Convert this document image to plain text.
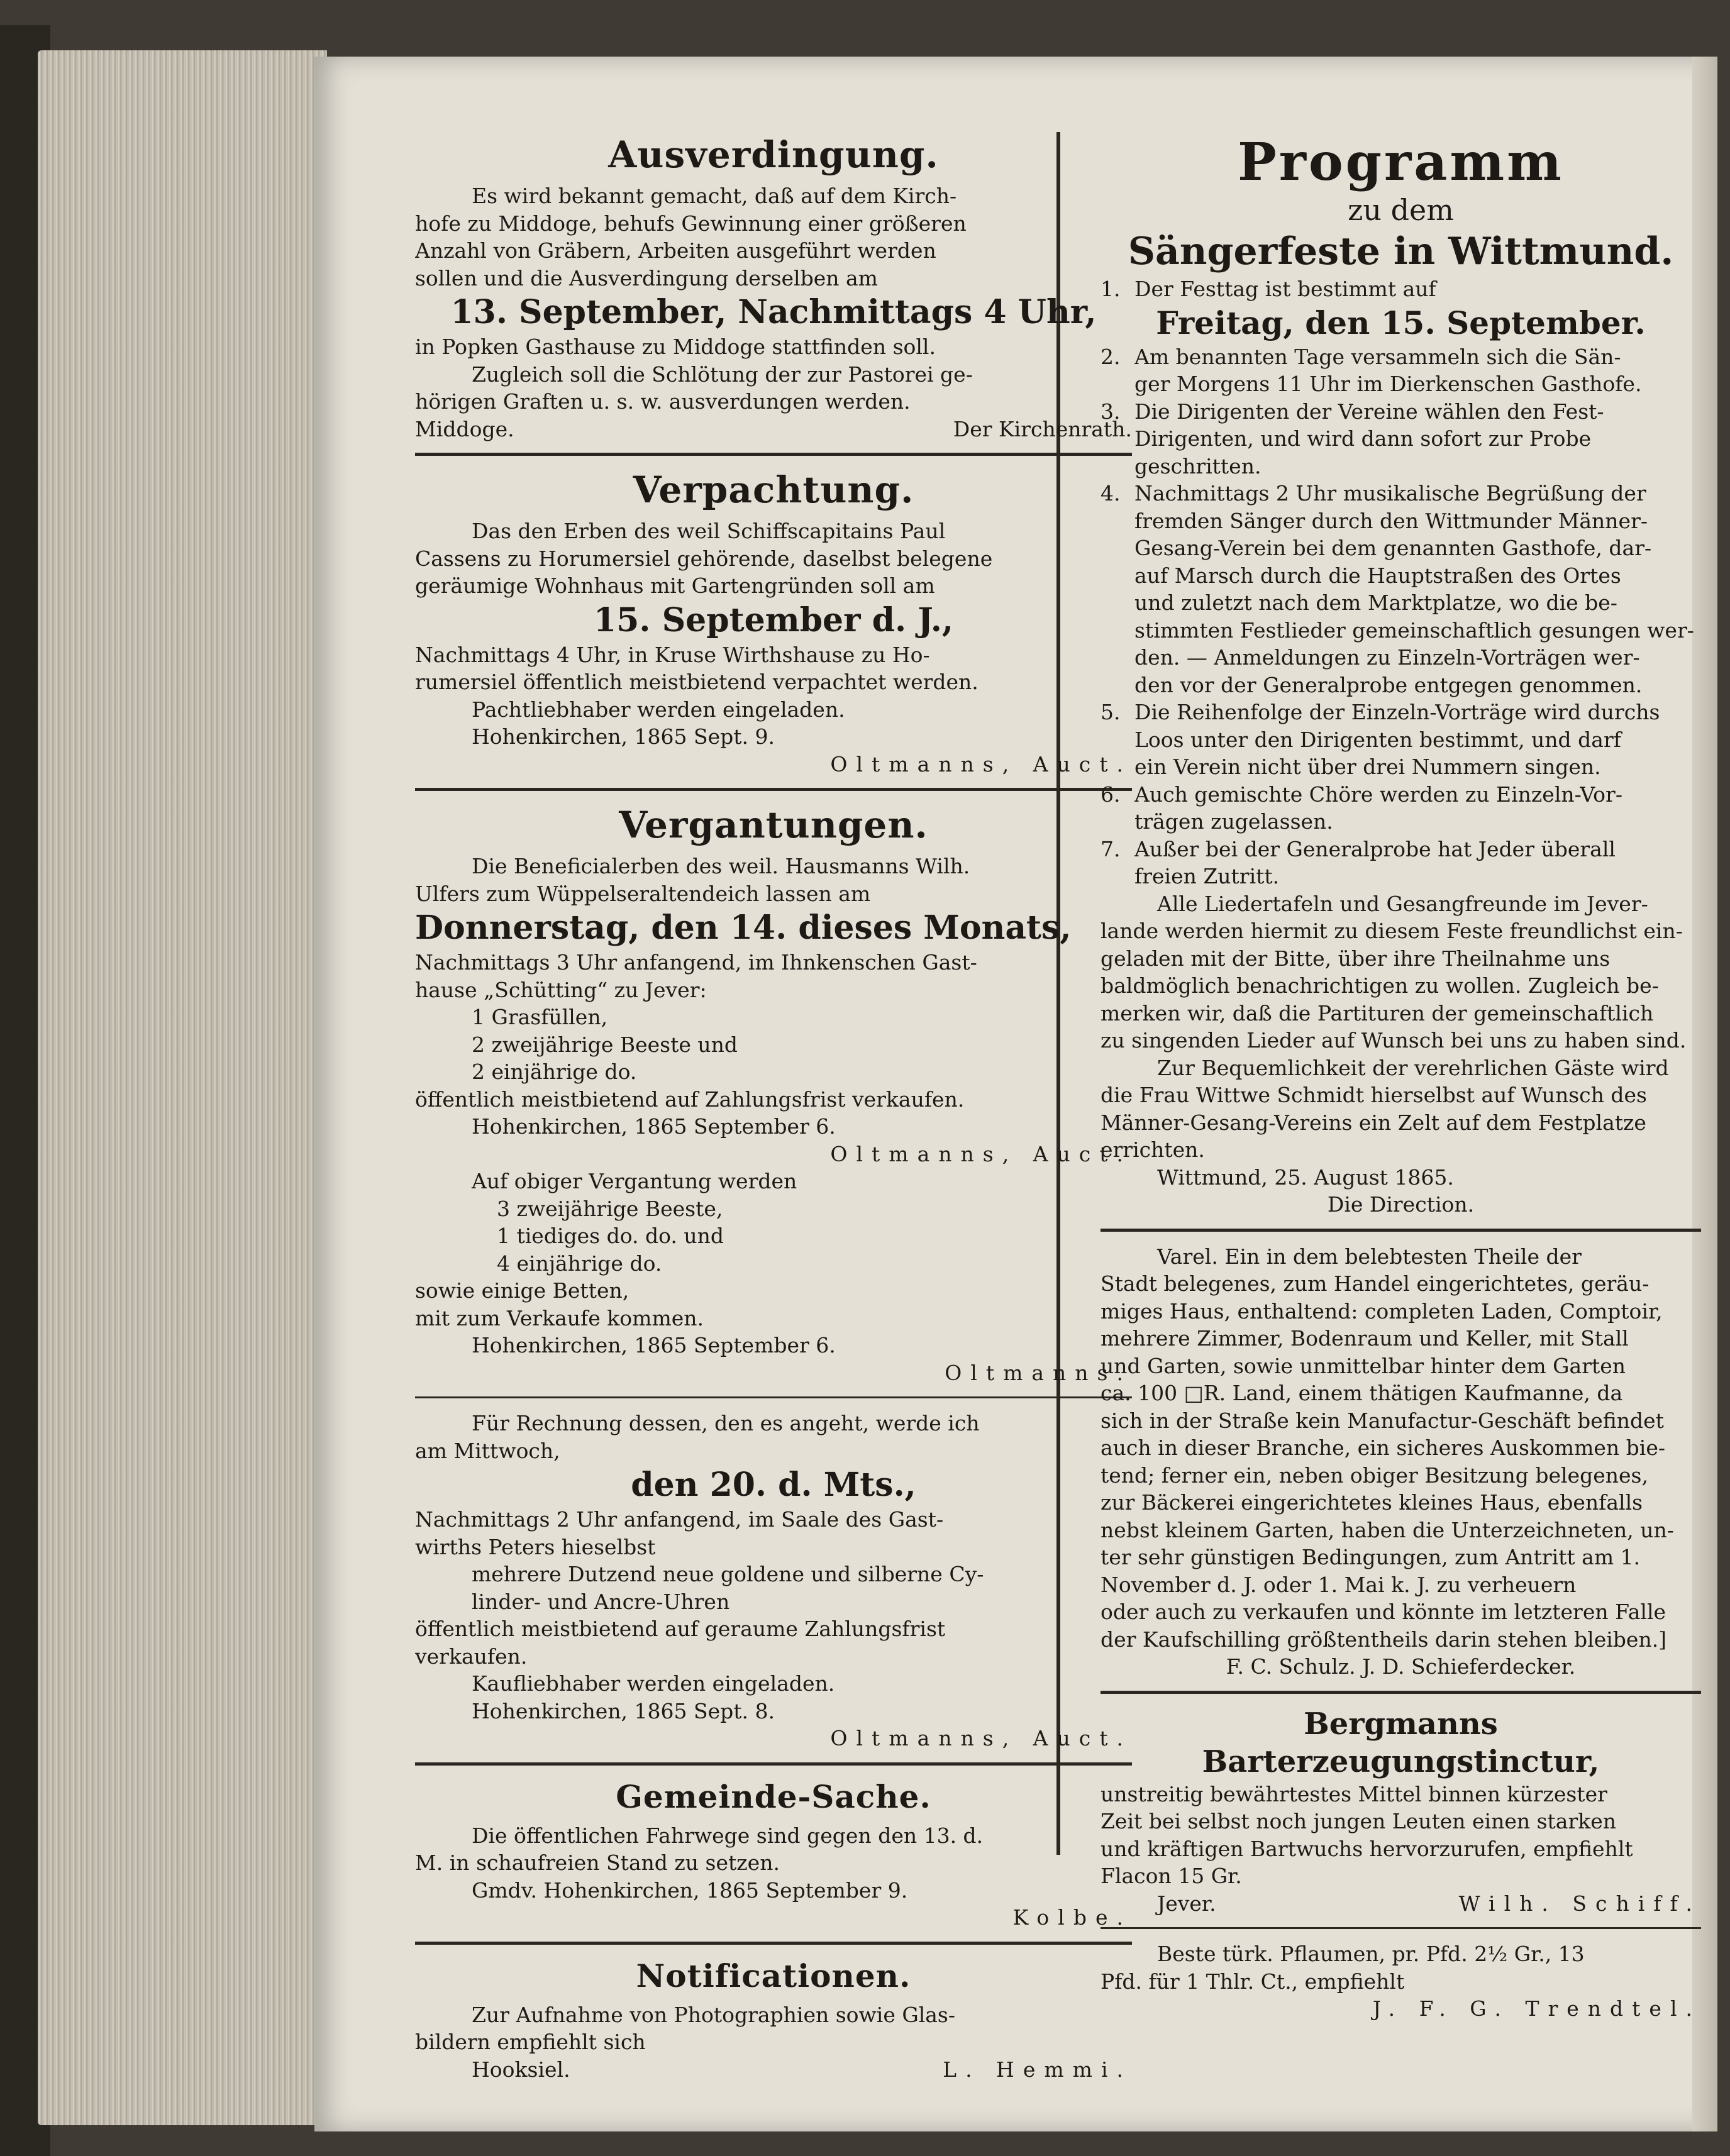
Ausverdingung.
Es wird bekannt gemacht, daß auf dem Kirch-
hofe zu Middoge, behufs Gewinnung einer größeren
Anzahl von Gräbern, Arbeiten ausgeführt werden
sollen und die Ausverdingung derselben am
13. September, Nachmittags 4 Uhr,
in Popken Gasthause zu Middoge stattfinden soll.
Zugleich soll die Schlötung der zur Pastorei ge-
hörigen Graften u. s. w. ausverdungen werden.
Middoge.	Der Kirchenrath.
Verpachtung.
Das den Erben des weil Schiffscapitains Paul
Cassens zu Horumersiel gehörende, daselbst belegene
geräumige Wohnhaus mit Gartengründen soll am
15. September d. J.,
Nachmittags 4 Uhr, in Kruse Wirthshause zu Ho-
rumersiel öffentlich meistbietend verpachtet werden.
Pachtliebhaber werden eingeladen.
Hohenkirchen, 1865 Sept. 9.
Oltmanns, Auct.
Vergantungen.
Die Beneficialerben des weil. Hausmanns Wilh.
Ulfers zum Wüppelseraltendeich lassen am
Donnerstag, den 14. dieses Monats,
Nachmittags 3 Uhr anfangend, im Ihnkenschen Gast-
hause „Schütting“ zu Jever:
1 Grasfüllen,
2 zweijährige Beeste und
2 einjährige do.
öffentlich meistbietend auf Zahlungsfrist verkaufen.
Hohenkirchen, 1865 September 6.
Oltmanns, Auct.
Auf obiger Vergantung werden
3 zweijährige Beeste,
1 tiediges do. do. und
4 einjährige do.
sowie einige Betten,
mit zum Verkaufe kommen.
Hohenkirchen, 1865 September 6.
Oltmanns.
Für Rechnung dessen, den es angeht, werde ich
am Mittwoch,
den 20. d. Mts.,
Nachmittags 2 Uhr anfangend, im Saale des Gast-
wirths Peters hieselbst
mehrere Dutzend neue goldene und silberne Cy-
linder- und Ancre-Uhren
öffentlich meistbietend auf geraume Zahlungsfrist
verkaufen.
Kaufliebhaber werden eingeladen.
Hohenkirchen, 1865 Sept. 8.
Oltmanns, Auct.
Gemeinde-Sache.
Die öffentlichen Fahrwege sind gegen den 13. d.
M. in schaufreien Stand zu setzen.
Gmdv. Hohenkirchen, 1865 September 9.
Kolbe.
Notificationen.
Zur Aufnahme von Photographien sowie Glas-
bildern empfiehlt sich
Hooksiel.	L. Hemmi.
Programm
zu dem
Sängerfeste in Wittmund.
1. Der Festtag ist bestimmt auf
Freitag, den 15. September.
2. Am benannten Tage versammeln sich die Sän-
ger Morgens 11 Uhr im Dierkenschen Gasthofe.
3. Die Dirigenten der Vereine wählen den Fest-
Dirigenten, und wird dann sofort zur Probe
geschritten.
4. Nachmittags 2 Uhr musikalische Begrüßung der
fremden Sänger durch den Wittmunder Männer-
Gesang-Verein bei dem genannten Gasthofe, dar-
auf Marsch durch die Hauptstraßen des Ortes
und zuletzt nach dem Marktplatze, wo die be-
stimmten Festlieder gemeinschaftlich gesungen wer-
den. — Anmeldungen zu Einzeln-Vorträgen wer-
den vor der Generalprobe entgegen genommen.
5. Die Reihenfolge der Einzeln-Vorträge wird durchs
Loos unter den Dirigenten bestimmt, und darf
ein Verein nicht über drei Nummern singen.
6. Auch gemischte Chöre werden zu Einzeln-Vor-
trägen zugelassen.
7. Außer bei der Generalprobe hat Jeder überall
freien Zutritt.
Alle Liedertafeln und Gesangfreunde im Jever-
lande werden hiermit zu diesem Feste freundlichst ein-
geladen mit der Bitte, über ihre Theilnahme uns
baldmöglich benachrichtigen zu wollen. Zugleich be-
merken wir, daß die Partituren der gemeinschaftlich
zu singenden Lieder auf Wunsch bei uns zu haben sind.
Zur Bequemlichkeit der verehrlichen Gäste wird
die Frau Wittwe Schmidt hierselbst auf Wunsch des
Männer-Gesang-Vereins ein Zelt auf dem Festplatze
errichten.
Wittmund, 25. August 1865.
Die Direction.
Varel. Ein in dem belebtesten Theile der
Stadt belegenes, zum Handel eingerichtetes, geräu-
miges Haus, enthaltend: completen Laden, Comptoir,
mehrere Zimmer, Bodenraum und Keller, mit Stall
und Garten, sowie unmittelbar hinter dem Garten
ca. 100 □R. Land, einem thätigen Kaufmanne, da
sich in der Straße kein Manufactur-Geschäft befindet
auch in dieser Branche, ein sicheres Auskommen bie-
tend; ferner ein, neben obiger Besitzung belegenes,
zur Bäckerei eingerichtetes kleines Haus, ebenfalls
nebst kleinem Garten, haben die Unterzeichneten, un-
ter sehr günstigen Bedingungen, zum Antritt am 1.
November d. J. oder 1. Mai k. J. zu verheuern
oder auch zu verkaufen und könnte im letzteren Falle
der Kaufschilling größtentheils darin stehen bleiben.]
F. C. Schulz. J. D. Schieferdecker.
Bergmanns Barterzeugungstinctur,
unstreitig bewährtestes Mittel binnen kürzester
Zeit bei selbst noch jungen Leuten einen starken
und kräftigen Bartwuchs hervorzurufen, empfiehlt
Flacon 15 Gr.
Jever.	Wilh. Schiff.
Beste türk. Pflaumen, pr. Pfd. 2½ Gr., 13
Pfd. für 1 Thlr. Ct., empfiehlt
J. F. G. Trendtel.
